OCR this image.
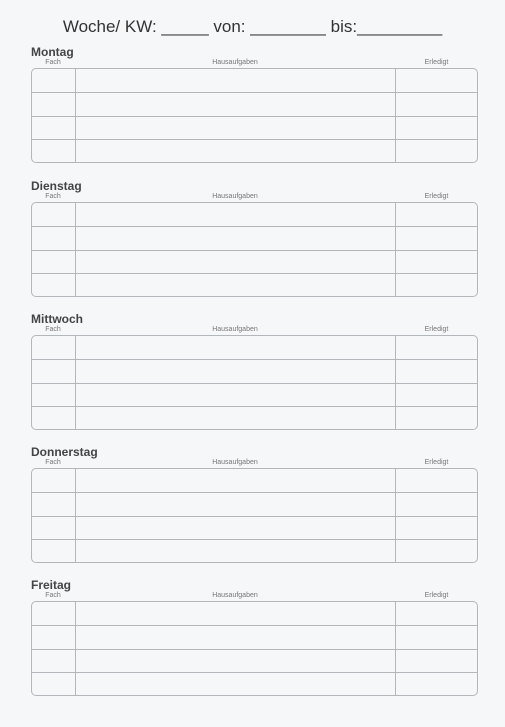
Woche/ KW: _____ von: ________ bis:_________
Montag
Fach	Hausaufgaben	Erledigt
Dienstag
Fach	Hausaufgaben	Erledigt
Mittwoch
Fach	Hausaufgaben	Erledigt
Donnerstag
Fach	Hausaufgaben	Erledigt
Freitag
Fach	Hausaufgaben	Erledigt
